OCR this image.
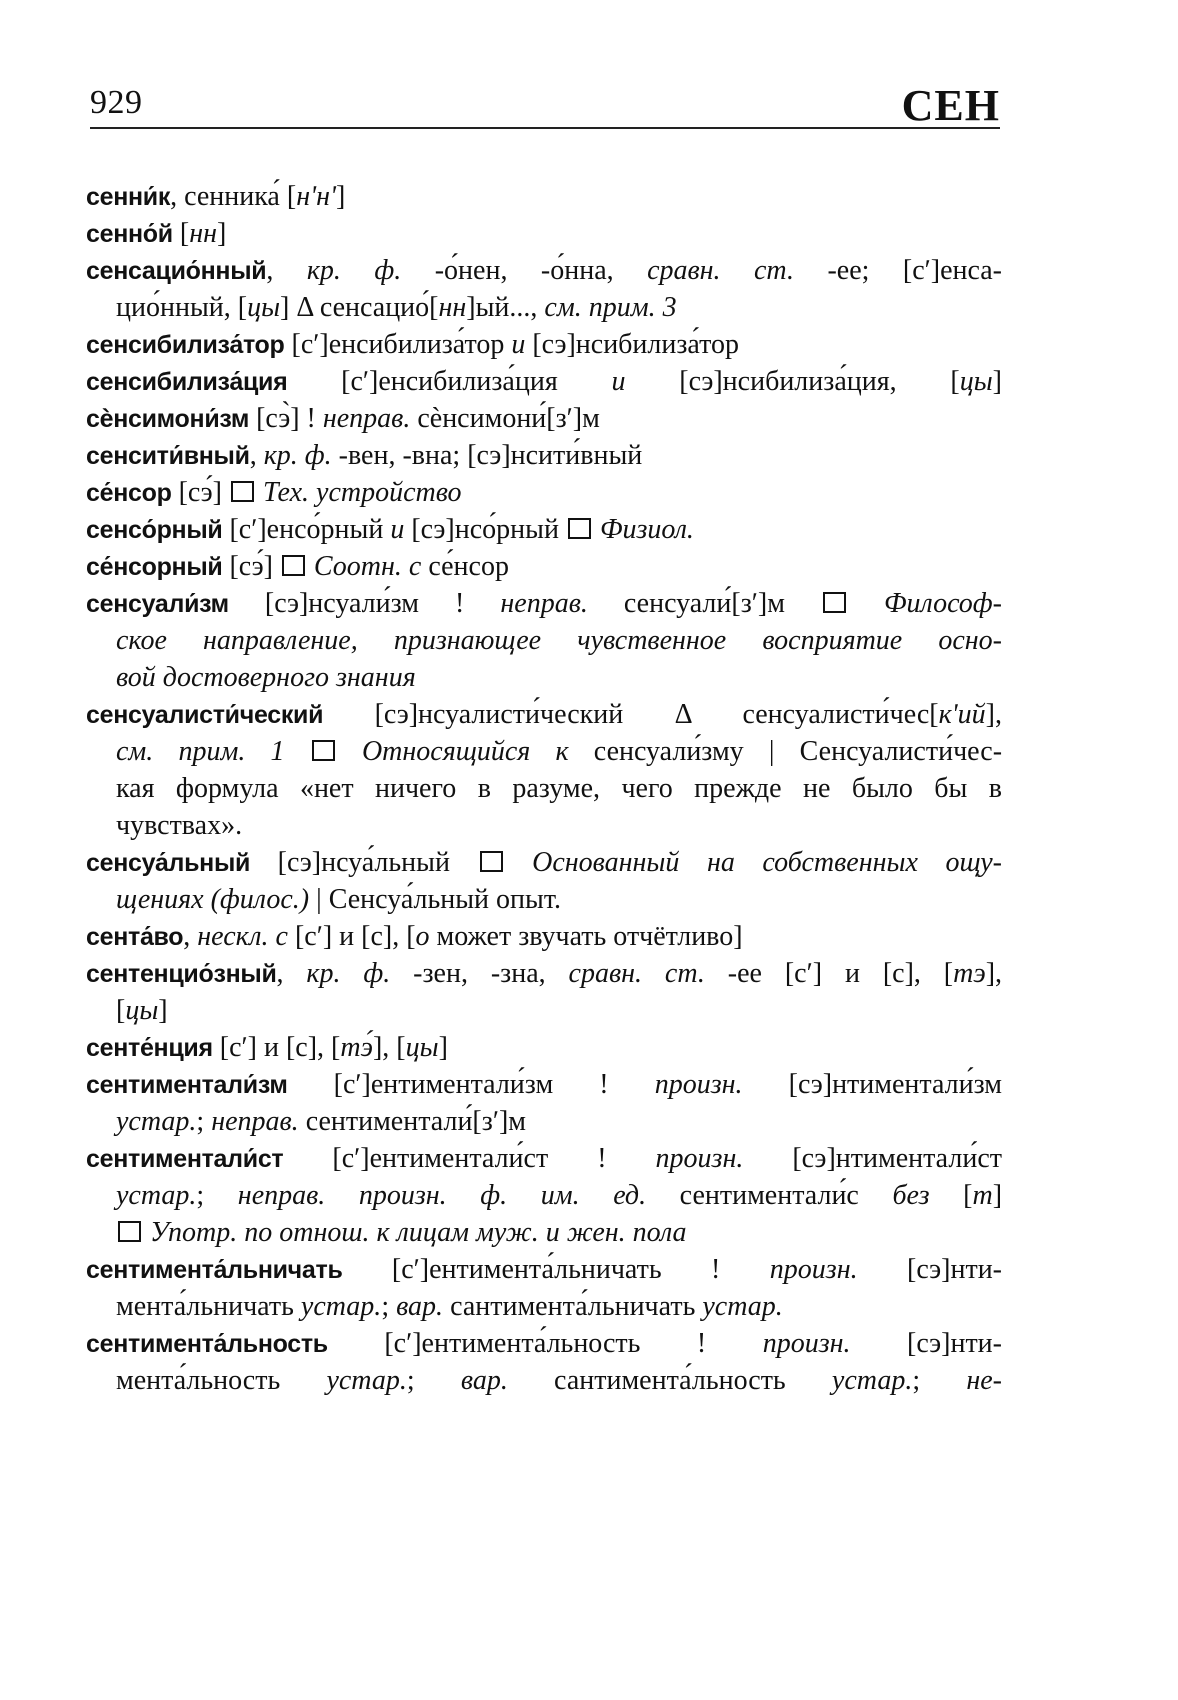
929	СЕН
сенни́к, сенника́ [нʹнʹ]
сенно́й [нн]
сенсацио́нный, кр. ф. -о́нен, -о́нна, сравн. ст. -ее; [сʹ]енса-
цио́нный, [цы] Δ сенсацио́[нн]ый..., см. прим. 3
сенсибилиза́тор [сʹ]енсибилиза́тор и [сэ]нсибилиза́тор
сенсибилиза́ция [сʹ]енсибилиза́ция и [сэ]нсибилиза́ция, [цы]
сѐнсимони́зм [сэ̀] ! неправ. сѐнсимони́[зʹ]м
сенсити́вный, кр. ф. -вен, -вна; [сэ]нсити́вный
се́нсор [сэ́]  Тех. устройство
сенсо́рный [сʹ]енсо́рный и [сэ]нсо́рный  Физиол.
се́нсорный [сэ́]  Соотн. с се́нсор
сенсуали́зм [сэ]нсуали́зм ! неправ. сенсуали́[зʹ]м  Философ-
ское направление, признающее чувственное восприятие осно-
вой достоверного знания
сенсуалисти́ческий [сэ]нсуалисти́ческий Δ сенсуалисти́чес[кʹий],
см. прим. 1	Относящийся к сенсуали́зму | Сенсуалисти́чес-
кая формула «нет ничего в разуме, чего прежде не было бы в
чувствах».
сенсуа́льный [сэ]нсуа́льный  Основанный на собственных ощу-
щениях (филос.) | Сенсуа́льный опыт.
сента́во, нескл. с [сʹ] и [с], [о может звучать отчётливо]
сентенцио́зный, кр. ф. -зен, -зна, сравн. ст. -ее [сʹ] и [с], [тэ],
[цы]
сенте́нция [сʹ] и [с], [тэ́], [цы]
сентиментали́зм [сʹ]ентиментали́зм ! произн. [сэ]нтиментали́зм
устар.; неправ. сентиментали́[зʹ]м
сентиментали́ст [сʹ]ентиментали́ст ! произн. [сэ]нтиментали́ст
устар.; неправ. произн. ф. им. ед. сентиментали́с без [т]
Употр. по отнош. к лицам муж. и жен. пола
сентимента́льничать [сʹ]ентимента́льничать ! произн. [сэ]нти-
мента́льничать устар.; вар. сантимента́льничать устар.
сентимента́льность [сʹ]ентимента́льность ! произн. [сэ]нти-
мента́льность устар.; вар. сантимента́льность устар.; не-
